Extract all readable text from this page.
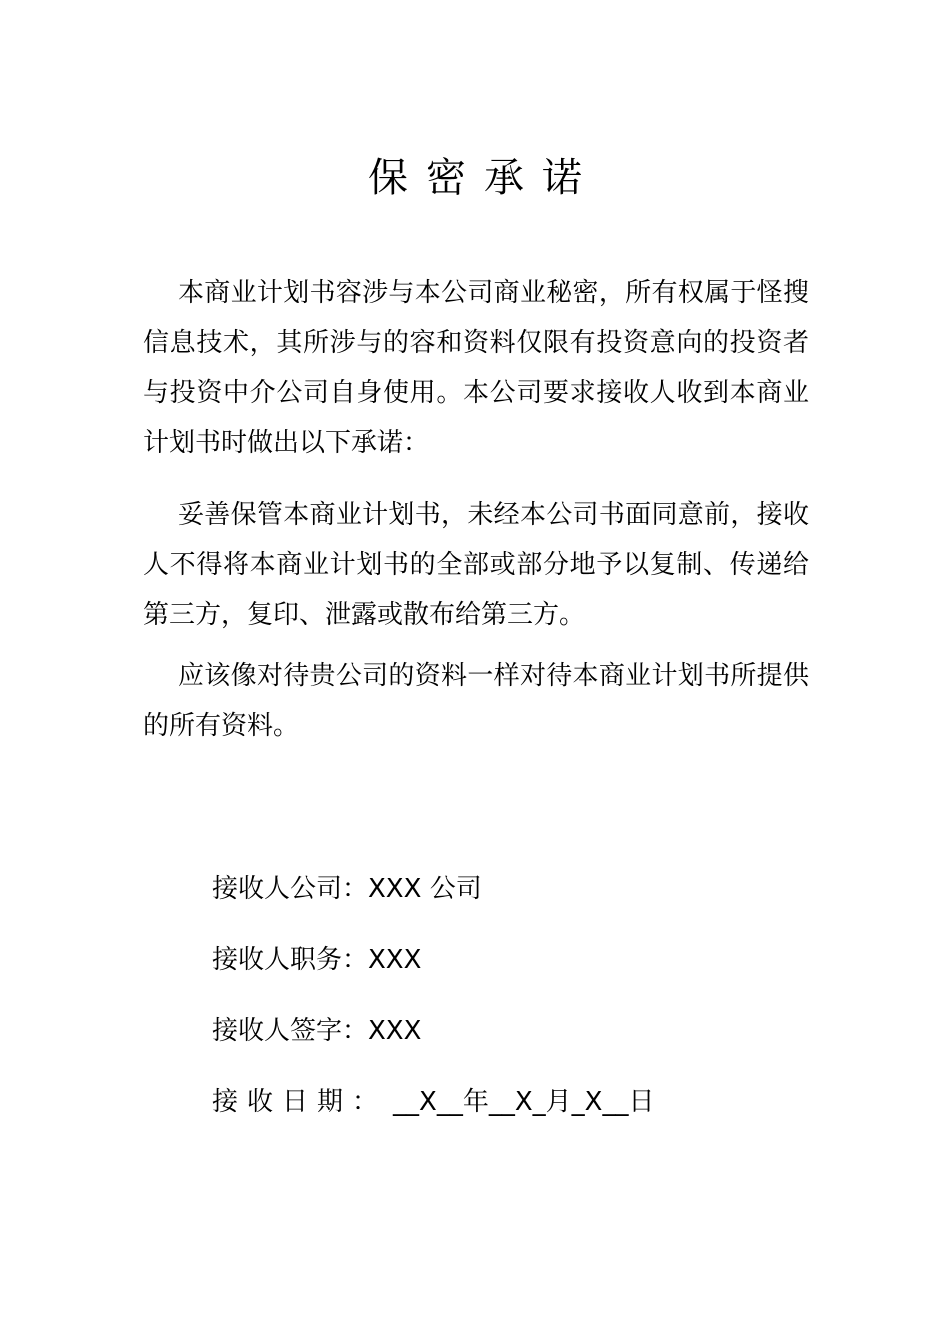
保密承诺

本商业计划书容涉与本公司商业秘密，所有权属于怪搜信息技术，其所涉与的容和资料仅限有投资意向的投资者与投资中介公司自身使用。本公司要求接收人收到本商业计划书时做出以下承诺：

妥善保管本商业计划书，未经本公司书面同意前，接收人不得将本商业计划书的全部或部分地予以复制、传递给第三方，复印、泄露或散布给第三方。

应该像对待贵公司的资料一样对待本商业计划书所提供的所有资料。

接收人公司：XXX 公司
接收人职务：XXX
接收人签字：XXX
接收日期： __X__年__X_月_X__日
